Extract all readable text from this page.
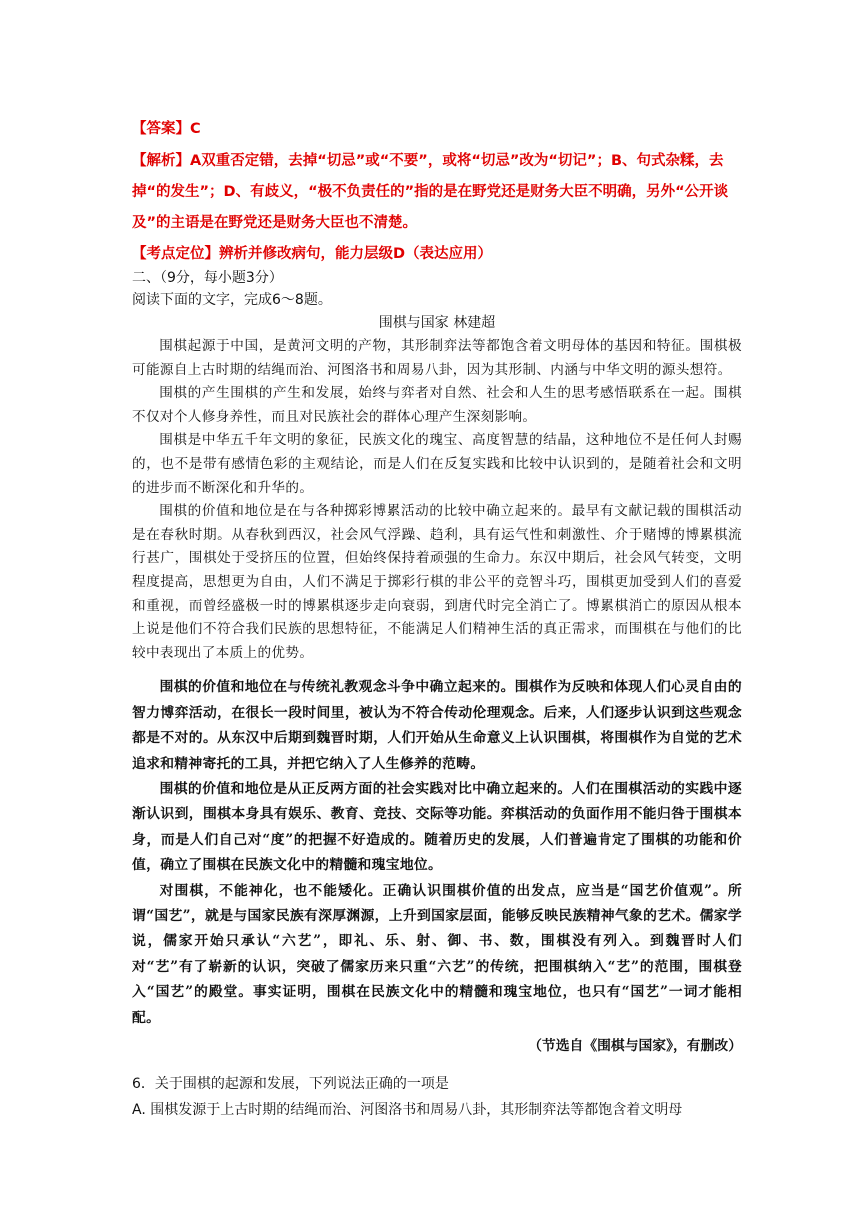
【答案】C
【解析】A双重否定错，去掉“切忌”或“不要”，或将“切忌”改为“切记”；B、句式杂糅，去掉“的发生”；D、有歧义，“极不负责任的”指的是在野党还是财务大臣不明确，另外“公开谈及”的主语是在野党还是财务大臣也不清楚。
【考点定位】辨析并修改病句，能力层级D（表达应用）
二、（9分，每小题3分）
阅读下面的文字，完成6～8题。
围棋与国家 林建超

围棋起源于中国，是黄河文明的产物，其形制弈法等都饱含着文明母体的基因和特征。围棋极可能源自上古时期的结绳而治、河图洛书和周易八卦，因为其形制、内涵与中华文明的源头想符。

围棋的产生围棋的产生和发展，始终与弈者对自然、社会和人生的思考感悟联系在一起。围棋不仅对个人修身养性，而且对民族社会的群体心理产生深刻影响。

围棋是中华五千年文明的象征，民族文化的瑰宝、高度智慧的结晶，这种地位不是任何人封赐的，也不是带有感情色彩的主观结论，而是人们在反复实践和比较中认识到的，是随着社会和文明的进步而不断深化和升华的。

围棋的价值和地位是在与各种掷彩博累活动的比较中确立起来的。最早有文献记载的围棋活动是在春秋时期。从春秋到西汉，社会风气浮躁、趋利，具有运气性和刺激性、介于赌博的博累棋流行甚广，围棋处于受挤压的位置，但始终保持着顽强的生命力。东汉中期后，社会风气转变，文明程度提高，思想更为自由，人们不满足于掷彩行棋的非公平的竞智斗巧，围棋更加受到人们的喜爱和重视，而曾经盛极一时的博累棋逐步走向衰弱，到唐代时完全消亡了。博累棋消亡的原因从根本上说是他们不符合我们民族的思想特征，不能满足人们精神生活的真正需求，而围棋在与他们的比较中表现出了本质上的优势。

围棋的价值和地位在与传统礼教观念斗争中确立起来的。围棋作为反映和体现人们心灵自由的智力博弈活动，在很长一段时间里，被认为不符合传动伦理观念。后来，人们逐步认识到这些观念都是不对的。从东汉中后期到魏晋时期，人们开始从生命意义上认识围棋，将围棋作为自觉的艺术追求和精神寄托的工具，并把它纳入了人生修养的范畴。

围棋的价值和地位是从正反两方面的社会实践对比中确立起来的。人们在围棋活动的实践中逐渐认识到，围棋本身具有娱乐、教育、竞技、交际等功能。弈棋活动的负面作用不能归咎于围棋本身，而是人们自己对“度”的把握不好造成的。随着历史的发展，人们普遍肯定了围棋的功能和价值，确立了围棋在民族文化中的精髓和瑰宝地位。

对围棋，不能神化，也不能矮化。正确认识围棋价值的出发点，应当是“国艺价值观”。所谓“国艺”，就是与国家民族有深厚渊源，上升到国家层面，能够反映民族精神气象的艺术。儒家学说，儒家开始只承认“六艺”，即礼、乐、射、御、书、数，围棋没有列入。到魏晋时人们对“艺”有了崭新的认识，突破了儒家历来只重“六艺”的传统，把围棋纳入“艺”的范围，围棋登入“国艺”的殿堂。事实证明，围棋在民族文化中的精髓和瑰宝地位，也只有“国艺”一词才能相配。

（节选自《围棋与国家》，有删改）
6．关于围棋的起源和发展，下列说法正确的一项是
A. 围棋发源于上古时期的结绳而治、河图洛书和周易八卦，其形制弈法等都饱含着文明母
